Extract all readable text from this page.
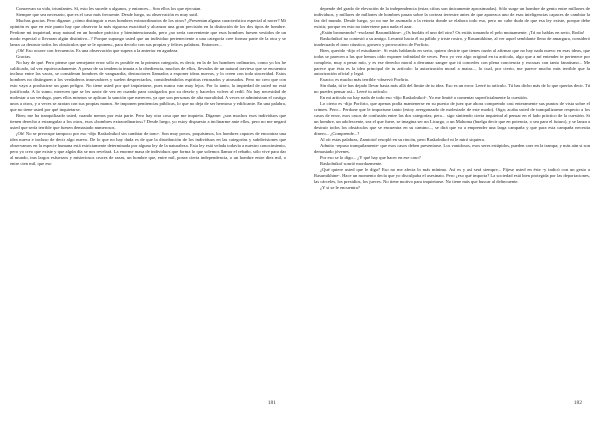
Conservan su vida, triunfantes. Sí, esto les sucede a algunos, y entonces... Son ellos los que ejecutan.

Siempre que sea necesario, que es el caso más frecuente. Desde luego, su observación es muy sutil.

Muchas gracias. Pero dígame: ¿cómo distinguir a esos hombres extraordinarios de los otros? ¿Presentan alguna característica especial al nacer? Mi opinión es que en este punto hay que observar la más rigurosa exactitud y alcanzar una gran precisión en la distinción de los dos tipos de hombre. Perdone mi inquietud, muy natural en un hombre práctico y bienintencionado, pero ¿no sería conveniente que esos hombres fuesen vestidos de un modo especial o llevaran algún distintivo...? Porque supongo usted que un individuo perteneciente a una categoría cree formar parte de la otra y se lanza «a destruir todos los obstáculos que se le oponen», para decirlo con sus propias y felices palabras. Entonces...

¡Oh! Eso ocurre con frecuencia. Es una observación que supera a la anterior en agudeza.

Gracias.

No hay de qué. Pero piense que semejante error sólo es posible en la primera categoría, es decir, en la de los hombres ordinarios, como yo los he calificado, tal vez equivocadamente. A pesar de su tendencia innata a la obediencia, muchos de ellos, llevados de un natural travieso que se encuentra incluso entre las vacas, se consideran hombres de vanguardia, destructores llamados a exponer ideas nuevas, y lo creen con toda sinceridad. Estos hombres no distinguen a los verdaderos innovadores y suelen despreciarlos, considerándolos espíritus retrasados y atrasados. Pero no creo que con esto vaya a producirse un gran peligro. No tiene usted por qué inquietarse, pues nunca van muy lejos. Por lo tanto, la impiedad de usted no está justificada. A lo sumo, merecen que se les azote de vez en cuando para castigarlos por su desvío y hacerlos volver al redil. No hay necesidad de molestar a un verdugo, pues ellos mismos se aplican la sanción que merecen, ya que son personas de alta moralidad. A veces se administran el castigo unos a otros, y a veces se azotan con sus propias manos. Se imponen penitencias públicas, lo que no deja de ser hermoso y edificante. En una palabra, que no tiene usted por qué inquietarse.

Bien; me ha tranquilizado usted, cuando menos por esta parte. Pero hay otra cosa que me inquieta. Dígame: ¿son muchos esos individuos que tienen derecho a estrangular a los otros, esos «hombres extraordinarios»? Desde luego, yo estoy dispuesto a inclinarme ante ellos, pero no me negará usted que sería terrible que fuesen demasiado numerosos.

¡Oh! No se preocupe tampoco por eso -dijo Raskolnikof sin cambiar de tono-. Son muy pocos, poquísimos, los hombres capaces de encontrar una idea nueva e incluso de decir algo nuevo. De lo que no hay duda es de que la distribución de los individuos en las categorías y subdivisiones que observamos en la especie humana está estrictamente determinada por alguna ley de la naturaleza. Esta ley está velada todavía a nuestro conocimiento, pero yo creo que existe y que algún día se nos revelará. La enorme masa de individuos que forma lo que solemos llamar el rebaño, sólo vive para dar al mundo, tras largos esfuerzos y misteriosos cruces de razas, un hombre que, entre mil, posea cierta independencia, o un hombre entre diez mil, o entre cien mil, que eso

181

depende del grado de elevación de la independencia (estas cifras son únicamente aproximadas). Sólo surge un hombre de genio entre millones de individuos, y millares de millones de hombres pasan sobre la corteza terrestre antes de que aparezca uno de esas inteligencias capaces de cambiar la faz del mundo. Desde luego, yo no me he asomado a la retorta donde se elabora todo eso, pero no cabe duda de que esa ley existe, porque debe existir, porque en esto no interviene para nada el azar.

¿Están bromeando? -exclamó Rasumikhine-. ¿Os burláis el uno del otro? Os estáis tomando el pelo mutuamente. ¡Tú no hablas en serio, Rodia!

Raskolnikof no contestó a su amigo. Levantó hacia él su pálido y triste rostro, y Rasumikhine, al ver aquel semblante lleno de amargura, consideró inadecuado el tono cáustico, grosero y provocativo de Porfirio.

Bien, querido -dijo el estudiante-. Si estás hablando en serio, quiero decirte que tienes razón al afirmar que no hay nada nuevo en esas ideas, que todas se parecen a las que hemos oído exponer infinidad de veces. Pero yo veo algo original en tu artículo, algo que a mí entender te pertenece por completo, muy a pesar mío, y es ese derecho moral a derramar sangre que tú concedes con plena conciencia y excusas con tanto fanatismo... Me parece que ésta es la idea principal de tu artículo: la autorización moral a matar..., lo cual, por cierto, me parece mucho más terrible que la autorización oficial y legal.

Exacto; es mucho más terrible -observó Porfirio.

Sin duda, tú te has dejado llevar hasta más allá del límite de tu idea. Eso es un error. Leeré tu artículo. Tú has dicho más de lo que querías decir. Tú no puedes pensar así... Leeré tu artículo.

En mi artículo no hay nada de todo eso -dijo Raskolnikof-. Yo me limité a comentar superficialmente la cuestión.

Lo cierto es -dijo Porfirio, que apenas podía mantenerse en su puesto de juez que ahora comprendo casi enteramente sus puntos de vista sobre el crimen. Pero... Perdone que le importune tanto (estoy avergonzado de molestarle de este modo). Oiga; acaba usted de tranquilizarme respecto a los casos de error, esos casos de confusión entre las dos categorías; pero... sigo sintiendo cierta inquietud al pensar en el lado práctico de la cuestión. Si un hombre, un adolescente, sea el que fuere, se imagina ser un Licurgo, o un Mahoma (huelga decir que en potencia, o sea para el futuro), y se lanza a destruir todos los obstáculos que se encuentra en su camino..., se dirá que va a emprender una larga campaña y que para esta campaña necesita dinero... ¿Comprende...?

Al oír estas palabras, Zamiotof resopló en su rincón, pero Raskolnikof ni le miró siquiera.

Admito -repuso tranquilamente- que esos casos deben presentarse. Los vanidosos, esos seres estúpidos, pueden caer en la trampa; y más aún si son demasiado jóvenes.

Por eso se lo digo... ¿Y qué hay que hacer en ese caso?

Raskolnikof sonrió mordazmente.

¿Qué quiere usted que le diga? Eso no me afecta lo más mínimo. Así es y así será siempre... Fíjese usted en éste -y indicó con un gesto a Rasumikhine-. Hace un momento decía que yo disculpaba el asesinato. Pero ¿eso qué importa? La sociedad está bien protegida por las deportaciones, las cárceles, los presidios, los jueces. No tiene motivo para inquietarse. No tiene más que buscar al delincuente.

¿Y si se le encuentra?

182
